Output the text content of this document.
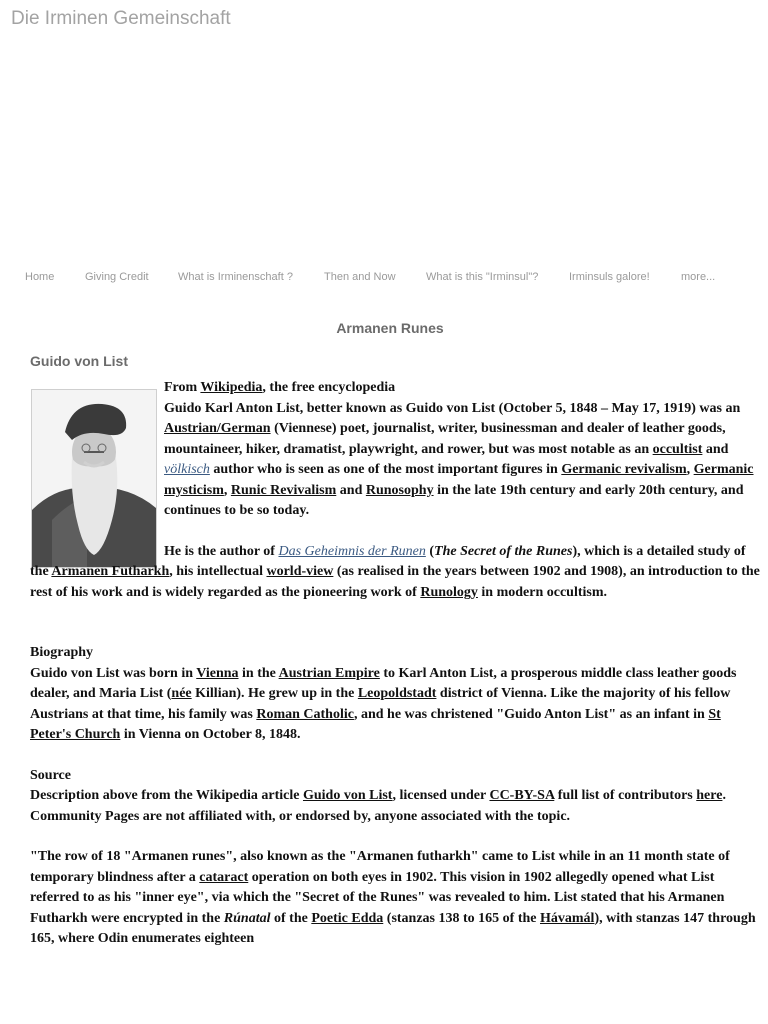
Die Irminen Gemeinschaft
Home	Giving Credit	What is Irminenschaft ?	Then and Now	What is this "Irminsul"?	Irminsuls galore!	more...
Armanen Runes
Guido von List

From Wikipedia, the free encyclopedia
Guido Karl Anton List, better known as Guido von List (October 5, 1848 – May 17, 1919) was an Austrian/German (Viennese) poet, journalist, writer, businessman and dealer of leather goods, mountaineer, hiker, dramatist, playwright, and rower, but was most notable as an occultist and völkisch author who is seen as one of the most important figures in Germanic revivalism, Germanic mysticism, Runic Revivalism and Runosophy in the late 19th century and early 20th century, and continues to be so today.

He is the author of Das Geheimnis der Runen (The Secret of the Runes), which is a detailed study of the Armanen Futharkh, his intellectual world-view (as realised in the years between 1902 and 1908), an introduction to the rest of his work and is widely regarded as the pioneering work of Runology in modern occultism.

Biography
Guido von List was born in Vienna in the Austrian Empire to Karl Anton List, a prosperous middle class leather goods dealer, and Maria List (née Killian). He grew up in the Leopoldstadt district of Vienna. Like the majority of his fellow Austrians at that time, his family was Roman Catholic, and he was christened "Guido Anton List" as an infant in St Peter's Church in Vienna on October 8, 1848.

Source
Description above from the Wikipedia article Guido von List, licensed under CC-BY-SA full list of contributors here. Community Pages are not affiliated with, or endorsed by, anyone associated with the topic.

"The row of 18 "Armanen runes", also known as the "Armanen futharkh" came to List while in an 11 month state of temporary blindness after a cataract operation on both eyes in 1902. This vision in 1902 allegedly opened what List referred to as his "inner eye", via which the "Secret of the Runes" was revealed to him. List stated that his Armanen Futharkh were encrypted in the Rúnatal of the Poetic Edda (stanzas 138 to 165 of the Hávamál), with stanzas 147 through 165, where Odin enumerates eighteen
